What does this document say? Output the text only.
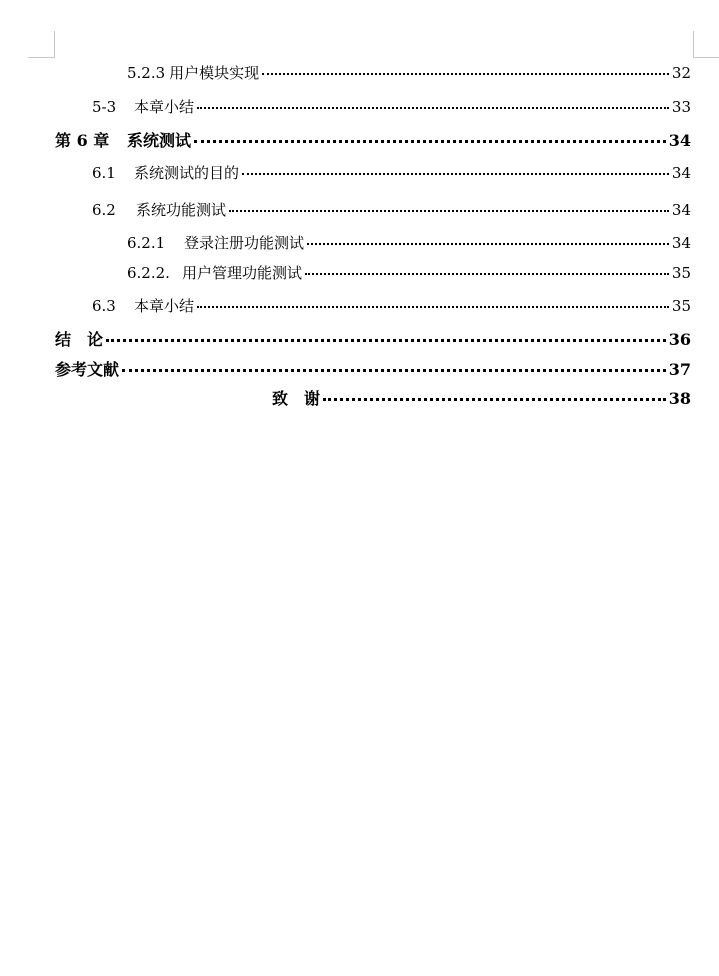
5.2.3 用户模块实现	32
5-3	本章小结	33
第 6 章	系统测试	34
6.1	系统测试的目的	34
6.2	系统功能测试	34
6.2.1	登录注册功能测试	34
6.2.2. 用户管理功能测试	35
6.3	本章小结	35
结　论	36
参考文献	37
致　谢	38
